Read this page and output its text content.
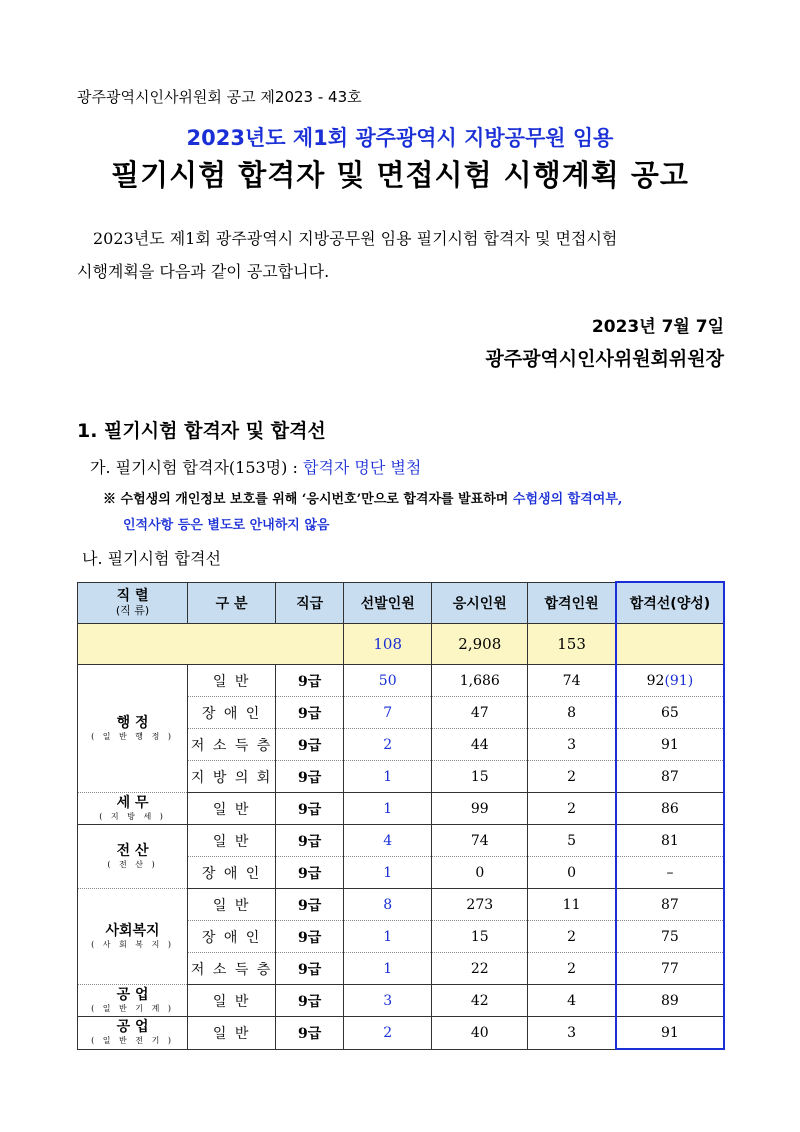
광주광역시인사위원회 공고 제2023 - 43호
2023년도 제1회 광주광역시 지방공무원 임용
필기시험 합격자 및 면접시험 시행계획 공고
2023년도 제1회 광주광역시 지방공무원 임용 필기시험 합격자 및 면접시험
시행계획을 다음과 같이 공고합니다.
2023년 7월 7일
광주광역시인사위원회위원장
1. 필기시험 합격자 및 합격선
가. 필기시험 합격자(153명) : 합격자 명단 별첨
※ 수험생의 개인정보 보호를 위해 ‘응시번호’만으로 합격자를 발표하며 수험생의 합격여부,
인적사항 등은 별도로 안내하지 않음
나. 필기시험 합격선
직 렬
(직 류)	구 분	직급	선발인원	응시인원	합격인원	합격선(양성)
			108	2,908	153	

행 정
( 일 반 행 정 )	일 반	9급	50	1,686	74	92(91)
	장 애 인	9급	7	47	8	65
	저 소 득 층	9급	2	44	3	91
	지 방 의 회	9급	1	15	2	87

세 무
( 지 방 세 )	일 반	9급	1	99	2	86

전 산
( 전 산 )	일 반	9급	4	74	5	81
	장 애 인	9급	1	0	0	–

사회복지
( 사 회 복 지 )	일 반	9급	8	273	11	87
	장 애 인	9급	1	15	2	75
	저 소 득 층	9급	1	22	2	77

공 업
( 일 반 기 계 )	일 반	9급	3	42	4	89

공 업
( 일 반 전 기 )	일 반	9급	2	40	3	91
